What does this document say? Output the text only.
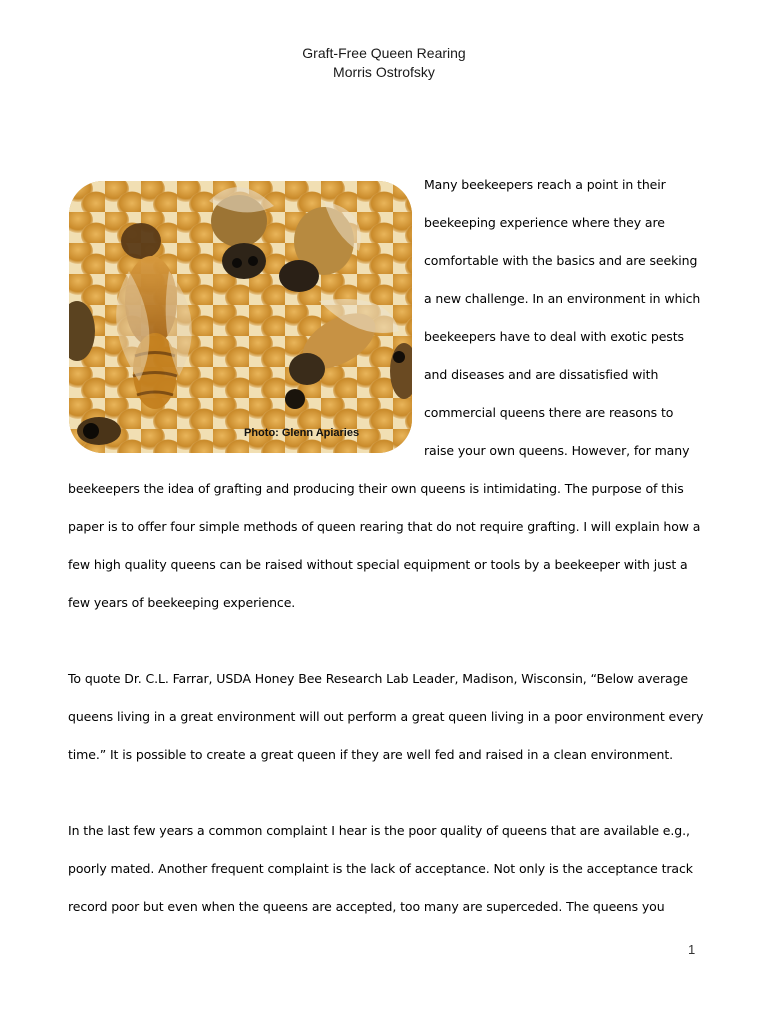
Graft-Free Queen Rearing
Morris Ostrofsky
Photo: Glenn Apiaries
Many beekeepers reach a point in their
beekeeping experience where they are
comfortable with the basics and are seeking
a new challenge. In an environment in which
beekeepers have to deal with exotic pests
and diseases and are dissatisfied with
commercial queens there are reasons to
raise your own queens. However, for many
beekeepers the idea of grafting and producing their own queens is intimidating. The purpose of this
paper is to offer four simple methods of queen rearing that do not require grafting. I will explain how a
few high quality queens can be raised without special equipment or tools by a beekeeper with just a
few years of beekeeping experience.
To quote Dr. C.L. Farrar, USDA Honey Bee Research Lab Leader, Madison, Wisconsin, “Below average
queens living in a great environment will out perform a great queen living in a poor environment every
time.” It is possible to create a great queen if they are well fed and raised in a clean environment.
In the last few years a common complaint I hear is the poor quality of queens that are available e.g.,
poorly mated. Another frequent complaint is the lack of acceptance. Not only is the acceptance track
record poor but even when the queens are accepted, too many are superceded. The queens you
1
